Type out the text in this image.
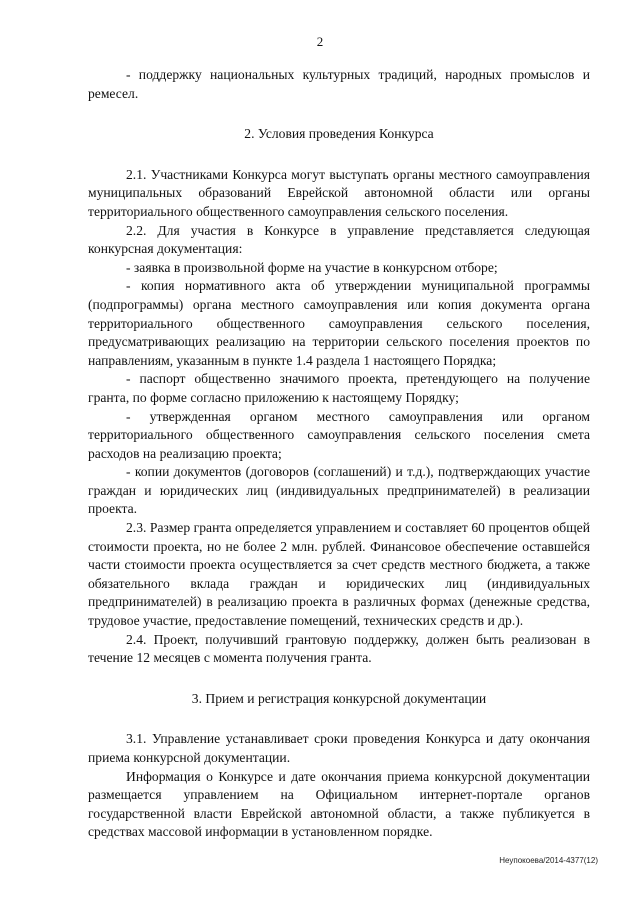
2

- поддержку национальных культурных традиций, народных промыслов и ремесел.

2. Условия проведения Конкурса

2.1. Участниками Конкурса могут выступать органы местного самоуправления муниципальных образований Еврейской автономной области или органы территориального общественного самоуправления сельского поселения.

2.2. Для участия в Конкурсе в управление представляется следующая конкурсная документация:

- заявка в произвольной форме на участие в конкурсном отборе;

- копия нормативного акта об утверждении муниципальной программы (подпрограммы) органа местного самоуправления или копия документа органа территориального общественного самоуправления сельского поселения, предусматривающих реализацию на территории сельского поселения проектов по направлениям, указанным в пункте 1.4 раздела 1 настоящего Порядка;

- паспорт общественно значимого проекта, претендующего на получение гранта, по форме согласно приложению к настоящему Порядку;

- утвержденная органом местного самоуправления или органом территориального общественного самоуправления сельского поселения смета расходов на реализацию проекта;

- копии документов (договоров (соглашений) и т.д.), подтверждающих участие граждан и юридических лиц (индивидуальных предпринимателей) в реализации проекта.

2.3. Размер гранта определяется управлением и составляет 60 процентов общей стоимости проекта, но не более 2 млн. рублей. Финансовое обеспечение оставшейся части стоимости проекта осуществляется за счет средств местного бюджета, а также обязательного вклада граждан и юридических лиц (индивидуальных предпринимателей) в реализацию проекта в различных формах (денежные средства, трудовое участие, предоставление помещений, технических средств и др.).

2.4. Проект, получивший грантовую поддержку, должен быть реализован в течение 12 месяцев с момента получения гранта.

3. Прием и регистрация конкурсной документации

3.1. Управление устанавливает сроки проведения Конкурса и дату окончания приема конкурсной документации.

Информация о Конкурсе и дате окончания приема конкурсной документации размещается управлением на Официальном интернет-портале органов государственной власти Еврейской автономной области, а также публикуется в средствах массовой информации в установленном порядке.

Неупокоева/2014-4377(12)
